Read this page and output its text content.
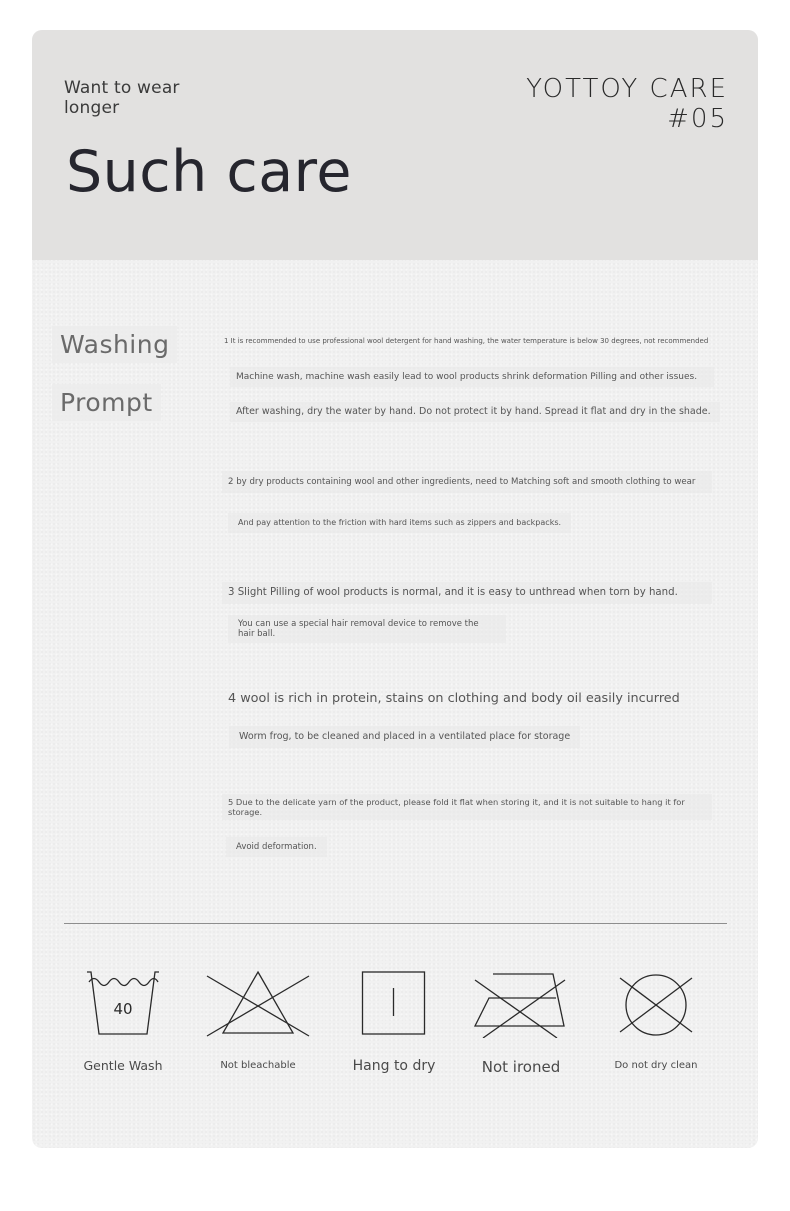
Want to wear
longer
Such care
YOTTOY CARE
#05
Washing
Prompt
1 It is recommended to use professional wool detergent for hand washing, the water temperature is below 30 degrees, not recommended
Machine wash, machine wash easily lead to wool products shrink deformation Pilling and other issues.
After washing, dry the water by hand. Do not protect it by hand. Spread it flat and dry in the shade.
2 by dry products containing wool and other ingredients, need to Matching soft and smooth clothing to wear
And pay attention to the friction with hard items such as zippers and backpacks.
3 Slight Pilling of wool products is normal, and it is easy to unthread when torn by hand.
You can use a special hair removal device to remove the hair ball.
4 wool is rich in protein, stains on clothing and body oil easily incurred
Worm frog, to be cleaned and placed in a ventilated place for storage
5 Due to the delicate yarn of the product, please fold it flat when storing it, and it is not suitable to hang it for storage.
Avoid deformation.
40
Gentle Wash	Not bleachable	Hang to dry	Not ironed	Do not dry clean
